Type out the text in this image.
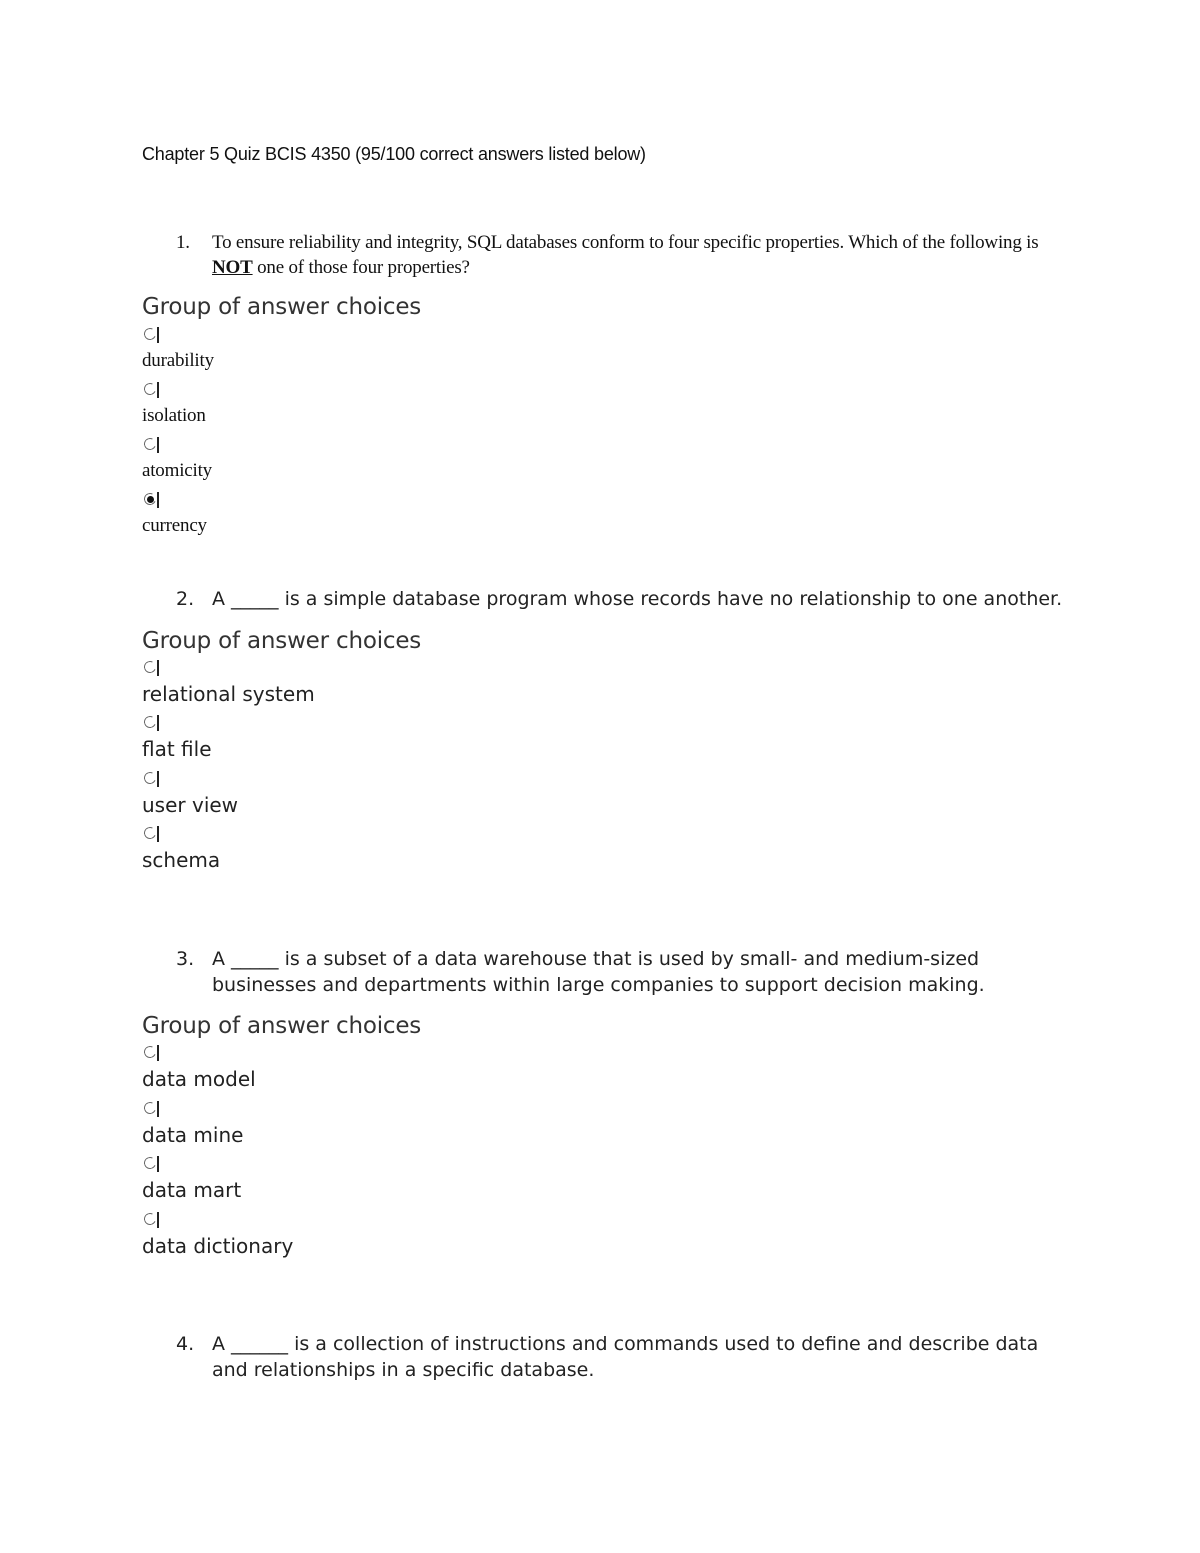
Chapter 5 Quiz BCIS 4350 (95/100 correct answers listed below)

1. To ensure reliability and integrity, SQL databases conform to four specific properties. Which of the following is NOT one of those four properties?

Group of answer choices
durability
isolation
atomicity
currency

2. A _____ is a simple database program whose records have no relationship to one another.

Group of answer choices
relational system
flat file
user view
schema

3. A _____ is a subset of a data warehouse that is used by small- and medium-sized businesses and departments within large companies to support decision making.

Group of answer choices
data model
data mine
data mart
data dictionary

4. A ______ is a collection of instructions and commands used to define and describe data and relationships in a specific database.
